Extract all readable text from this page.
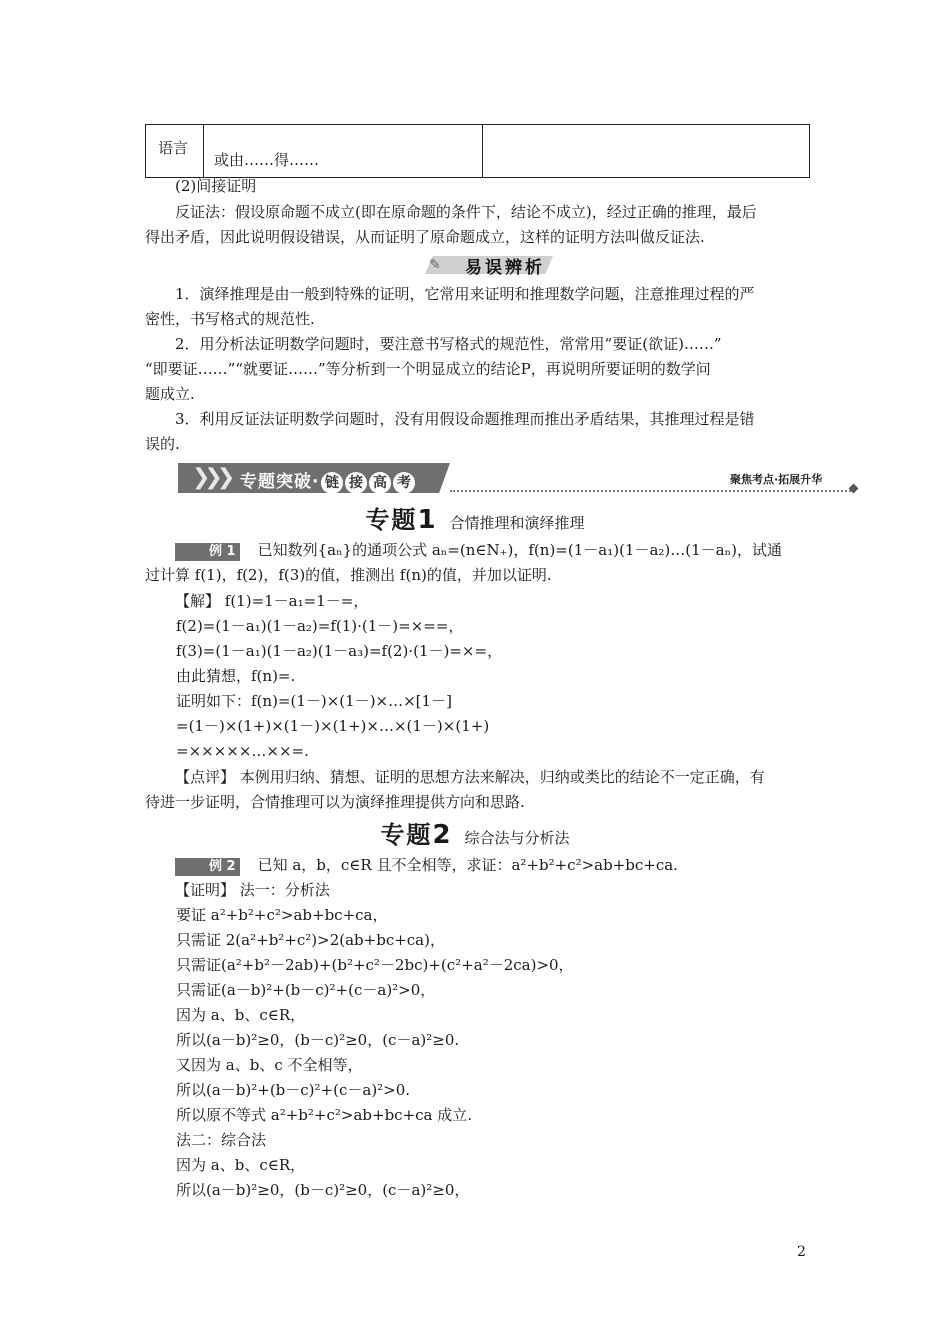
语言
或由……得……

(2)间接证明

反证法：假设原命题不成立(即在原命题的条件下，结论不成立)，经过正确的推理，最后

得出矛盾，因此说明假设错误，从而证明了原命题成立，这样的证明方法叫做反证法.

✎ 易误辨析

1．演绎推理是由一般到特殊的证明，它常用来证明和推理数学问题，注意推理过程的严

密性，书写格式的规范性.

2．用分析法证明数学问题时，要注意书写格式的规范性，常常用“要证(欲证)……”

“即要证……”“就要证……”等分析到一个明显成立的结论P，再说明所要证明的数学问

题成立.

3．利用反证法证明数学问题时，没有用假设命题推理而推出矛盾结果，其推理过程是错

误的.

❯❯❯ 专题突破· 链 接 高 考	聚焦考点·拓展升华
专题1 合情推理和演绎推理

例 1 已知数列{aₙ}的通项公式 aₙ=(n∈N₊)，f(n)=(1－a₁)(1－a₂)…(1－aₙ)，试通

过计算 f(1)，f(2)，f(3)的值，推测出 f(n)的值，并加以证明.

【解】 f(1)=1－a₁=1－=，

f(2)=(1－a₁)(1－a₂)=f(1)·(1－)=×==，

f(3)=(1－a₁)(1－a₂)(1－a₃)=f(2)·(1－)=×=，

由此猜想，f(n)=.

证明如下：f(n)=(1－)×(1－)×…×[1－]

=(1－)×(1+)×(1－)×(1+)×…×(1－)×(1+)

=×××××…××=.

【点评】 本例用归纳、猜想、证明的思想方法来解决，归纳或类比的结论不一定正确，有

待进一步证明，合情推理可以为演绎推理提供方向和思路.

专题2 综合法与分析法

例 2 已知 a，b，c∈R 且不全相等，求证：a²+b²+c²>ab+bc+ca.

【证明】 法一：分析法

要证 a²+b²+c²>ab+bc+ca，

只需证 2(a²+b²+c²)>2(ab+bc+ca)，

只需证(a²+b²－2ab)+(b²+c²－2bc)+(c²+a²－2ca)>0，

只需证(a－b)²+(b－c)²+(c－a)²>0，

因为 a、b、c∈R，

所以(a－b)²≥0，(b－c)²≥0，(c－a)²≥0.

又因为 a、b、c 不全相等，

所以(a－b)²+(b－c)²+(c－a)²>0.

所以原不等式 a²+b²+c²>ab+bc+ca 成立.

法二：综合法

因为 a、b、c∈R，

所以(a－b)²≥0，(b－c)²≥0，(c－a)²≥0，

2
